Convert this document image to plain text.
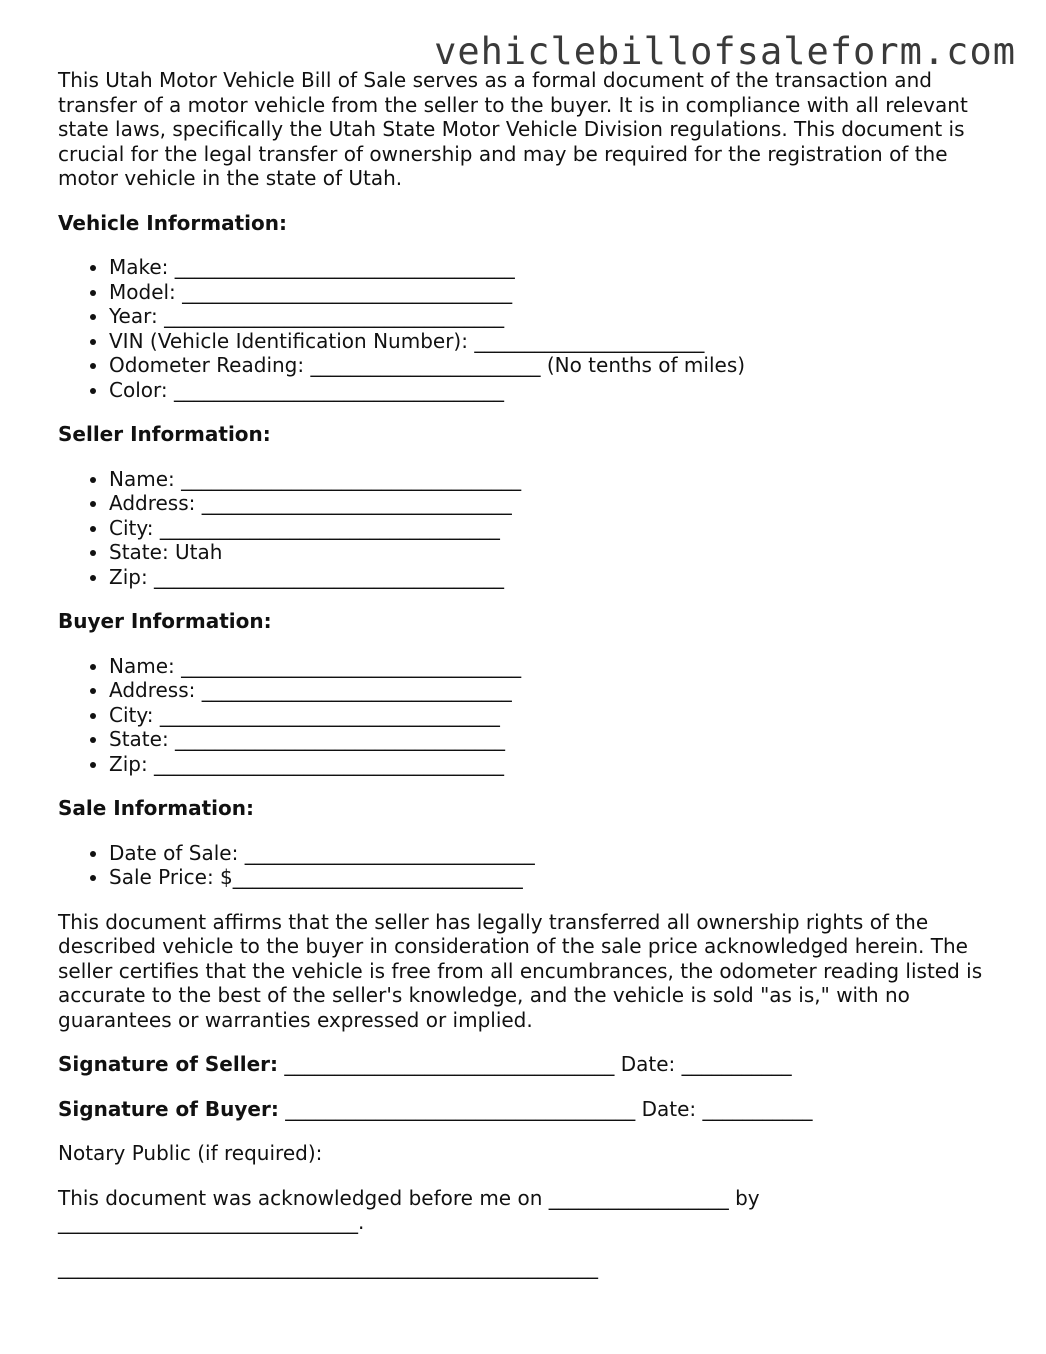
vehiclebillofsaleform.com

This Utah Motor Vehicle Bill of Sale serves as a formal document of the transaction and transfer of a motor vehicle from the seller to the buyer. It is in compliance with all relevant state laws, specifically the Utah State Motor Vehicle Division regulations. This document is crucial for the legal transfer of ownership and may be required for the registration of the motor vehicle in the state of Utah.

Vehicle Information:

• Make: __________________________________
• Model: _________________________________
• Year: __________________________________
• VIN (Vehicle Identification Number): _______________________
• Odometer Reading: _______________________ (No tenths of miles)
• Color: _________________________________

Seller Information:

• Name: __________________________________
• Address: _______________________________
• City: __________________________________
• State: Utah
• Zip: ___________________________________

Buyer Information:

• Name: __________________________________
• Address: _______________________________
• City: __________________________________
• State: _________________________________
• Zip: ___________________________________

Sale Information:

• Date of Sale: _____________________________
• Sale Price: $_____________________________

This document affirms that the seller has legally transferred all ownership rights of the described vehicle to the buyer in consideration of the sale price acknowledged herein. The seller certifies that the vehicle is free from all encumbrances, the odometer reading listed is accurate to the best of the seller's knowledge, and the vehicle is sold "as is," with no guarantees or warranties expressed or implied.

Signature of Seller: _________________________________ Date: ___________

Signature of Buyer: ___________________________________ Date: ___________

Notary Public (if required):

This document was acknowledged before me on __________________ by

______________________________.

______________________________________________________
